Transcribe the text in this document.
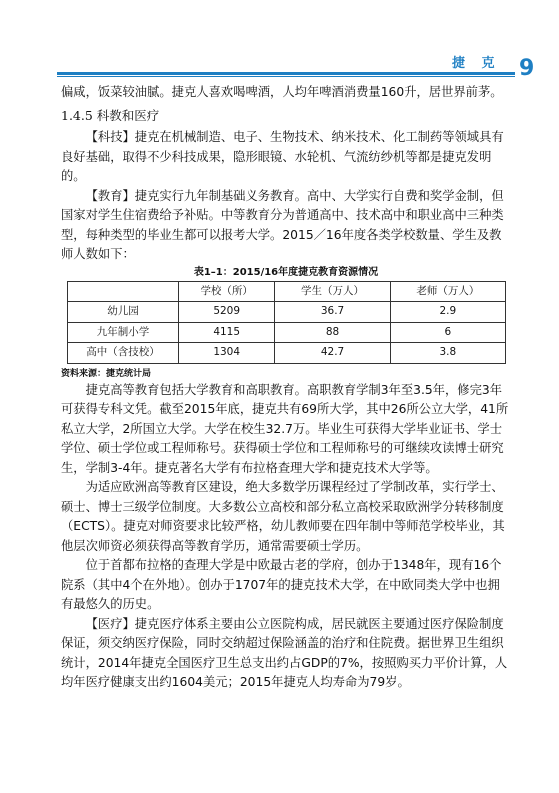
捷 克 9

偏咸，饭菜较油腻。捷克人喜欢喝啤酒，人均年啤酒消费量160升，居世界前茅。

1.4.5 科教和医疗

【科技】捷克在机械制造、电子、生物技术、纳米技术、化工制药等领域具有良好基础，取得不少科技成果，隐形眼镜、水轮机、气流纺纱机等都是捷克发明的。

【教育】捷克实行九年制基础义务教育。高中、大学实行自费和奖学金制，但国家对学生住宿费给予补贴。中等教育分为普通高中、技术高中和职业高中三种类型，每种类型的毕业生都可以报考大学。2015／16年度各类学校数量、学生及教师人数如下：

表1–1：2015/16年度捷克教育资源情况

	学校（所）	学生（万人）	老师（万人）
幼儿园	5209	36.7	2.9
九年制小学	4115	88	6
高中（含技校）	1304	42.7	3.8

资料来源：捷克统计局

捷克高等教育包括大学教育和高职教育。高职教育学制3年至3.5年，修完3年可获得专科文凭。截至2015年底，捷克共有69所大学，其中26所公立大学，41所私立大学，2所国立大学。大学在校生32.7万。毕业生可获得大学毕业证书、学士学位、硕士学位或工程师称号。获得硕士学位和工程师称号的可继续攻读博士研究生，学制3-4年。捷克著名大学有布拉格查理大学和捷克技术大学等。

为适应欧洲高等教育区建设，绝大多数学历课程经过了学制改革，实行学士、硕士、博士三级学位制度。大多数公立高校和部分私立高校采取欧洲学分转移制度（ECTS）。捷克对师资要求比较严格，幼儿教师要在四年制中等师范学校毕业，其他层次师资必须获得高等教育学历，通常需要硕士学历。

位于首都布拉格的查理大学是中欧最古老的学府，创办于1348年，现有16个院系（其中4个在外地）。创办于1707年的捷克技术大学，在中欧同类大学中也拥有最悠久的历史。

【医疗】捷克医疗体系主要由公立医院构成，居民就医主要通过医疗保险制度保证，须交纳医疗保险，同时交纳超过保险涵盖的治疗和住院费。据世界卫生组织统计，2014年捷克全国医疗卫生总支出约占GDP的7%，按照购买力平价计算，人均年医疗健康支出约1604美元；2015年捷克人均寿命为79岁。
